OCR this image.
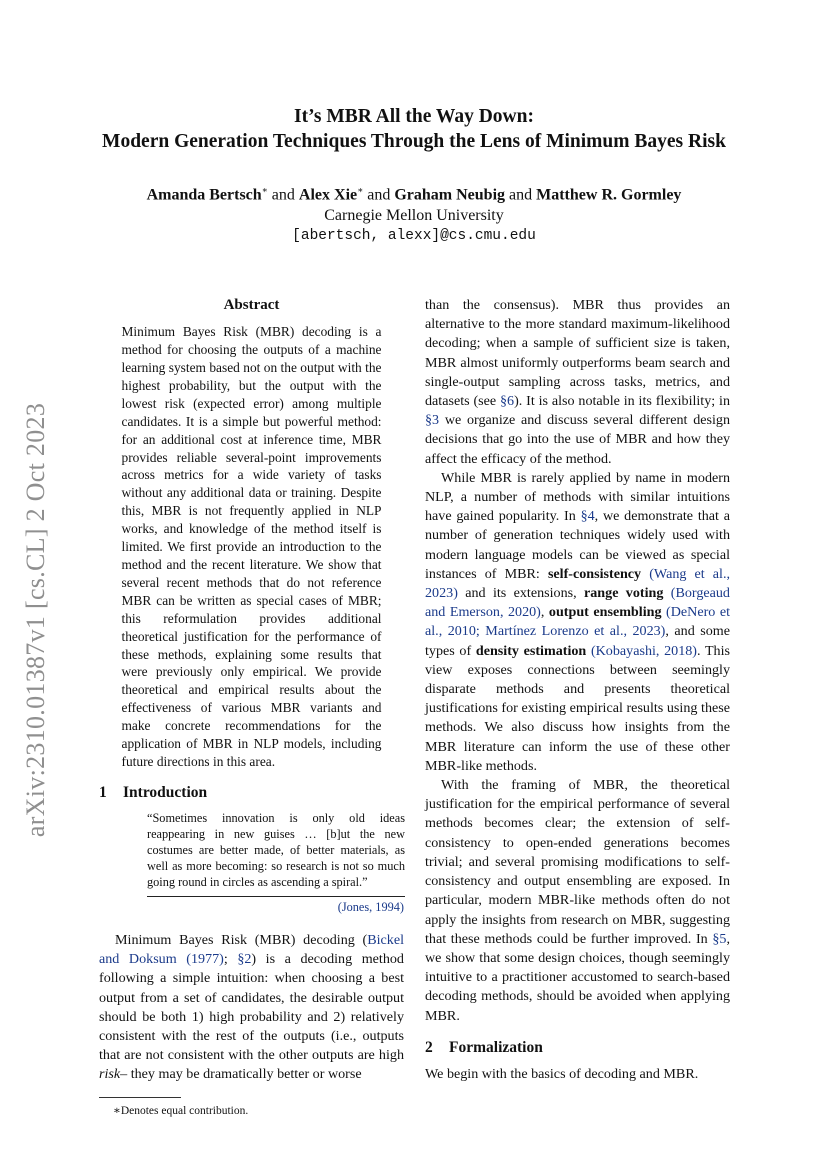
arXiv:2310.01387v1 [cs.CL] 2 Oct 2023
It’s MBR All the Way Down:
Modern Generation Techniques Through the Lens of Minimum Bayes Risk
Amanda Bertsch∗ and Alex Xie∗ and Graham Neubig and Matthew R. Gormley
Carnegie Mellon University
[abertsch, alexx]@cs.cmu.edu
Abstract

Minimum Bayes Risk (MBR) decoding is a method for choosing the outputs of a machine learning system based not on the output with the highest probability, but the output with the lowest risk (expected error) among multiple candidates. It is a simple but powerful method: for an additional cost at inference time, MBR provides reliable several-point improvements across metrics for a wide variety of tasks without any additional data or training. Despite this, MBR is not frequently applied in NLP works, and knowledge of the method itself is limited. We first provide an introduction to the method and the recent literature. We show that several recent methods that do not reference MBR can be written as special cases of MBR; this reformulation provides additional theoretical justification for the performance of these methods, explaining some results that were previously only empirical. We provide theoretical and empirical results about the effectiveness of various MBR variants and make concrete recommendations for the application of MBR in NLP models, including future directions in this area.

1 Introduction

“Sometimes innovation is only old ideas reappearing in new guises … [b]ut the new costumes are better made, of better materials, as well as more becoming: so research is not so much going round in circles as ascending a spiral.”

(Jones, 1994)

Minimum Bayes Risk (MBR) decoding (Bickel and Doksum (1977); §2) is a decoding method following a simple intuition: when choosing a best output from a set of candidates, the desirable output should be both 1) high probability and 2) relatively consistent with the rest of the outputs (i.e., outputs that are not consistent with the other outputs are high risk– they may be dramatically better or worse

∗Denotes equal contribution.

than the consensus). MBR thus provides an alternative to the more standard maximum-likelihood decoding; when a sample of sufficient size is taken, MBR almost uniformly outperforms beam search and single-output sampling across tasks, metrics, and datasets (see §6). It is also notable in its flexibility; in §3 we organize and discuss several different design decisions that go into the use of MBR and how they affect the efficacy of the method.

While MBR is rarely applied by name in modern NLP, a number of methods with similar intuitions have gained popularity. In §4, we demonstrate that a number of generation techniques widely used with modern language models can be viewed as special instances of MBR: self-consistency (Wang et al., 2023) and its extensions, range voting (Borgeaud and Emerson, 2020), output ensembling (DeNero et al., 2010; Martínez Lorenzo et al., 2023), and some types of density estimation (Kobayashi, 2018). This view exposes connections between seemingly disparate methods and presents theoretical justifications for existing empirical results using these methods. We also discuss how insights from the MBR literature can inform the use of these other MBR-like methods.

With the framing of MBR, the theoretical justification for the empirical performance of several methods becomes clear; the extension of self-consistency to open-ended generations becomes trivial; and several promising modifications to self-consistency and output ensembling are exposed. In particular, modern MBR-like methods often do not apply the insights from research on MBR, suggesting that these methods could be further improved. In §5, we show that some design choices, though seemingly intuitive to a practitioner accustomed to search-based decoding methods, should be avoided when applying MBR.

2 Formalization

We begin with the basics of decoding and MBR.
